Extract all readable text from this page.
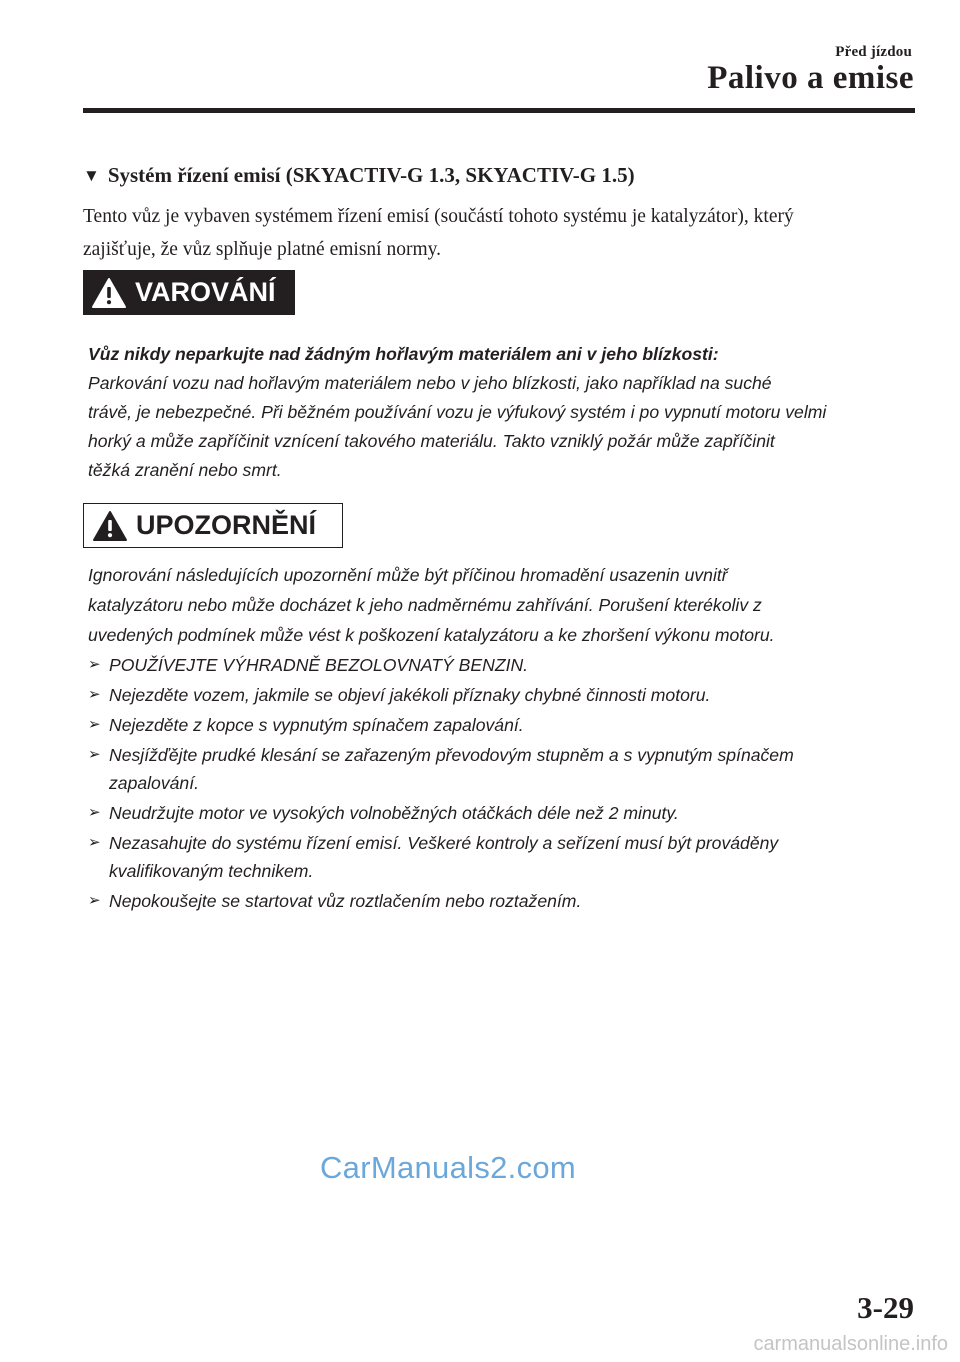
Před jízdou
Palivo a emise
▼ Systém řízení emisí (SKYACTIV-G 1.3, SKYACTIV-G 1.5)

Tento vůz je vybaven systémem řízení emisí (součástí tohoto systému je katalyzátor), který

zajišťuje, že vůz splňuje platné emisní normy.

VAROVÁNÍ

Vůz nikdy neparkujte nad žádným hořlavým materiálem ani v jeho blízkosti:

Parkování vozu nad hořlavým materiálem nebo v jeho blízkosti, jako například na suché

trávě, je nebezpečné. Při běžném používání vozu je výfukový systém i po vypnutí motoru velmi

horký a může zapříčinit vznícení takového materiálu. Takto vzniklý požár může zapříčinit

těžká zranění nebo smrt.

UPOZORNĚNÍ

Ignorování následujících upozornění může být příčinou hromadění usazenin uvnitř

katalyzátoru nebo může docházet k jeho nadměrnému zahřívání. Porušení kterékoliv z

uvedených podmínek může vést k poškození katalyzátoru a ke zhoršení výkonu motoru.

➢ POUŽÍVEJTE VÝHRADNĚ BEZOLOVNATÝ BENZIN.
➢ Nejezděte vozem, jakmile se objeví jakékoli příznaky chybné činnosti motoru.
➢ Nejezděte z kopce s vypnutým spínačem zapalování.
➢ Nesjížďějte prudké klesání se zařazeným převodovým stupněm a s vypnutým spínačem
zapalování.
➢ Neudržujte motor ve vysokých volnoběžných otáčkách déle než 2 minuty.
➢ Nezasahujte do systému řízení emisí. Veškeré kontroly a seřízení musí být prováděny
kvalifikovaným technikem.
➢ Nepokoušejte se startovat vůz roztlačením nebo roztažením.
CarManuals2.com
3-29
carmanualsonline.info
